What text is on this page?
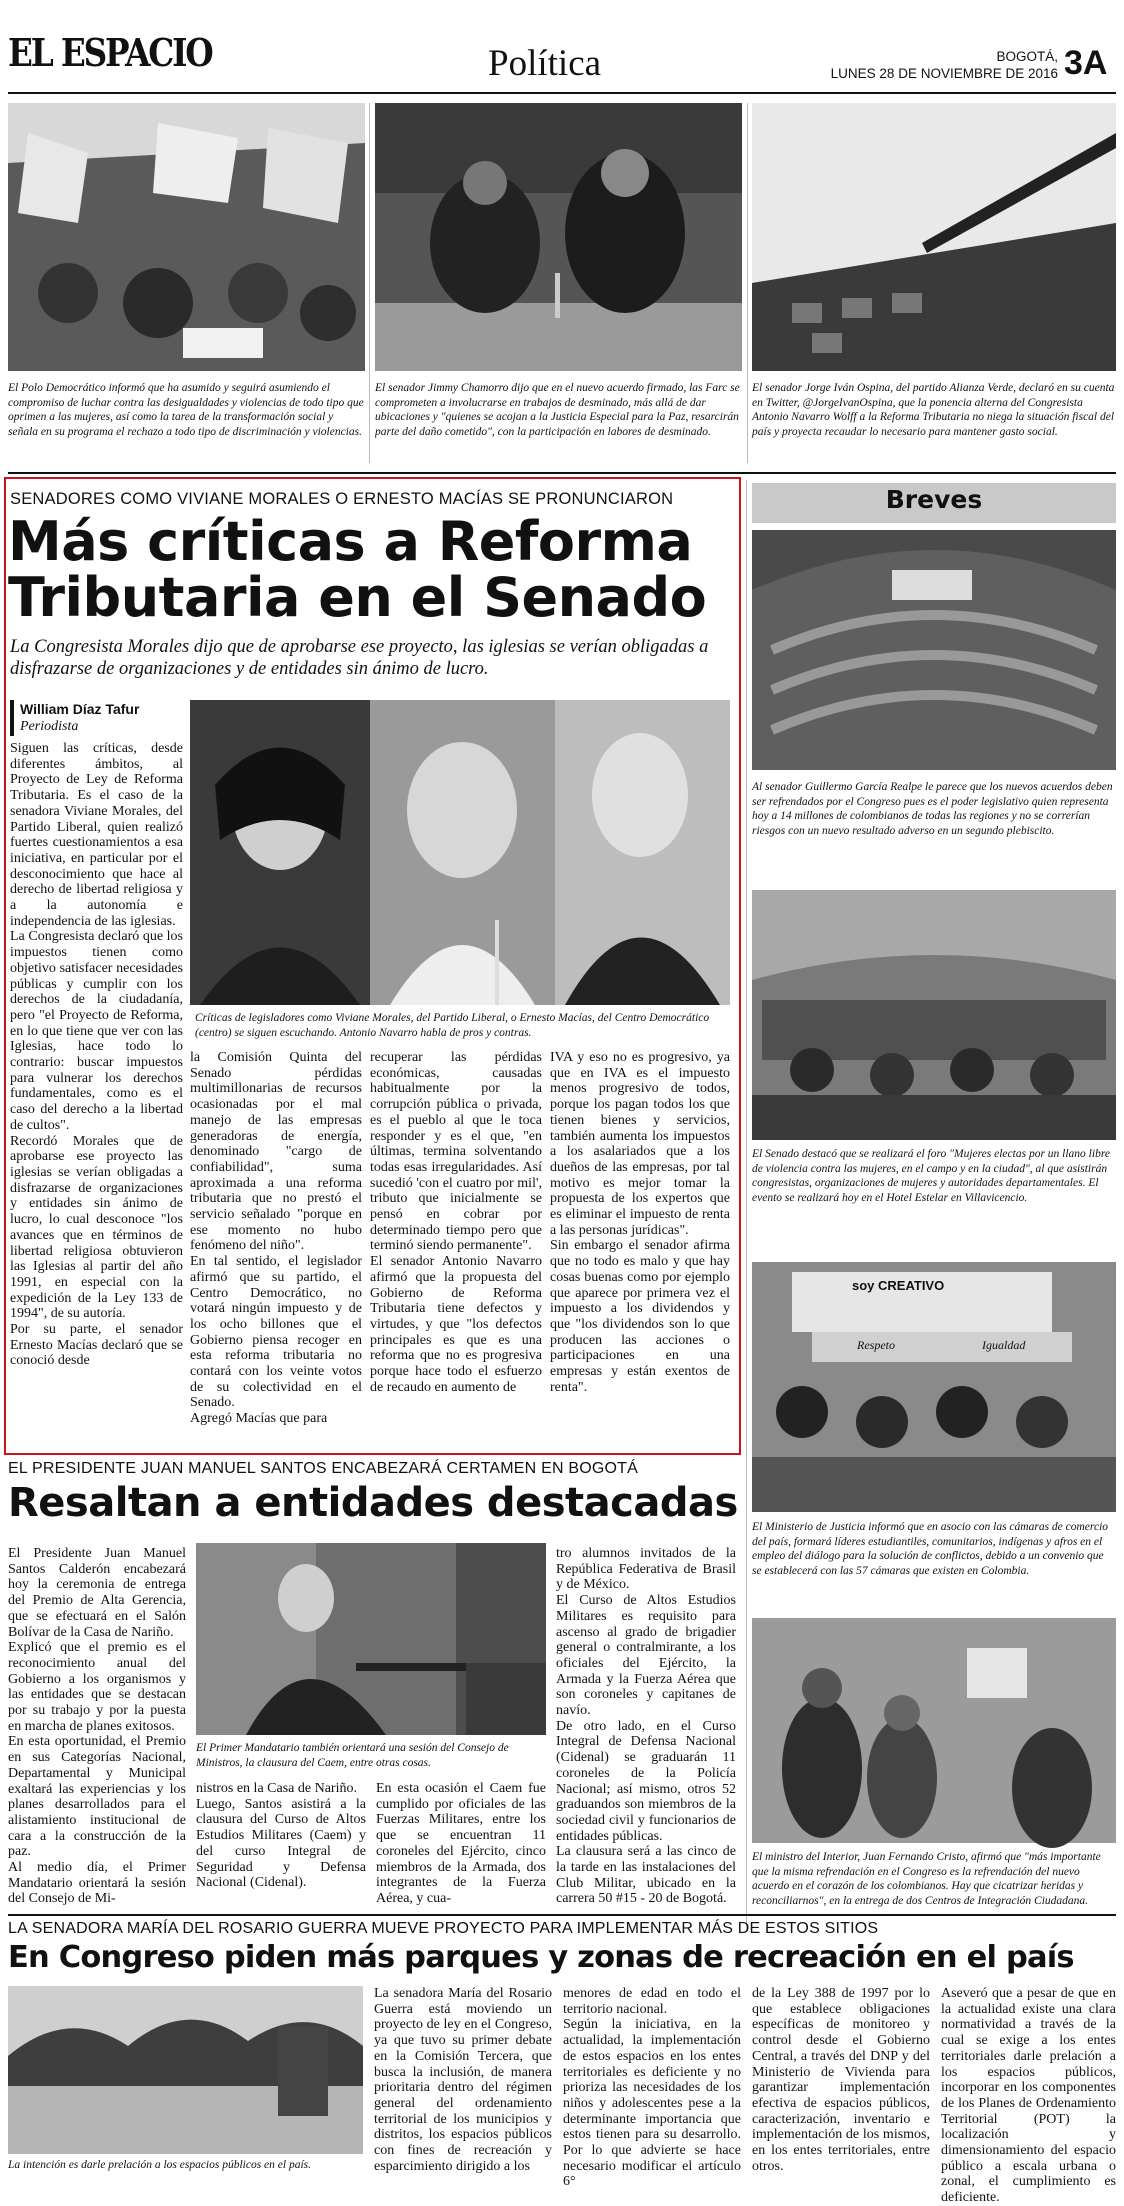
EL ESPACIO	Política	BOGOTÁ,
LUNES 28 DE NOVIEMBRE DE 2016 3A
El Polo Democrático informó que ha asumido y seguirá asumiendo el compromiso de luchar contra las desigualdades y violencias de todo tipo que oprimen a las mujeres, así como la tarea de la transformación social y señala en su programa el rechazo a todo tipo de discriminación y violencias.
El senador Jimmy Chamorro dijo que en el nuevo acuerdo firmado, las Farc se comprometen a involucrarse en trabajos de desminado, más allá de dar ubicaciones y "quienes se acojan a la Justicia Especial para la Paz, resarcirán parte del daño cometido", con la participación en labores de desminado.
El senador Jorge Iván Ospina, del partido Alianza Verde, declaró en su cuenta en Twitter, @JorgeIvanOspina, que la ponencia alterna del Congresista Antonio Navarro Wolff a la Reforma Tributaria no niega la situación fiscal del país y proyecta recaudar lo necesario para mantener gasto social.
SENADORES COMO VIVIANE MORALES O ERNESTO MACÍAS SE PRONUNCIARON
Más críticas a Reforma
Tributaria en el Senado
La Congresista Morales dijo que de aprobarse ese proyecto, las iglesias se verían obligadas a disfrazarse de organizaciones y de entidades sin ánimo de lucro.
William Díaz Tafur
Periodista
Críticas de legisladores como Viviane Morales, del Partido Liberal, o Ernesto Macías, del Centro Democrático (centro) se siguen escuchando. Antonio Navarro habla de pros y contras.
Siguen las críticas, desde diferentes ámbitos, al Proyecto de Ley de Reforma Tributaria. Es el caso de la senadora Viviane Morales, del Partido Liberal, quien realizó fuertes cuestionamientos a esa iniciativa, en particular por el desconocimiento que hace al derecho de libertad religiosa y a la autonomía e independencia de las iglesias.
La Congresista declaró que los impuestos tienen como objetivo satisfacer necesidades públicas y cumplir con los derechos de la ciudadanía, pero "el Proyecto de Reforma, en lo que tiene que ver con las Iglesias, hace todo lo contrario: buscar impuestos para vulnerar los derechos fundamentales, como es el caso del derecho a la libertad de cultos".
Recordó Morales que de aprobarse ese proyecto las iglesias se verían obligadas a disfrazarse de organizaciones y entidades sin ánimo de lucro, lo cual desconoce "los avances que en términos de libertad religiosa obtuvieron las Iglesias al partir del año 1991, en especial con la expedición de la Ley 133 de 1994", de su autoría.
Por su parte, el senador Ernesto Macías declaró que se conoció desde
la Comisión Quinta del Senado pérdidas multimillonarias de recursos ocasionadas por el mal manejo de las empresas generadoras de energía, denominado "cargo de confiabilidad", suma aproximada a una reforma tributaria que no prestó el servicio señalado "porque en ese momento no hubo fenómeno del niño".
En tal sentido, el legislador afirmó que su partido, el Centro Democrático, no votará ningún impuesto y de los ocho billones que el Gobierno piensa recoger en esta reforma tributaria no contará con los veinte votos de su colectividad en el Senado.
Agregó Macías que para
recuperar las pérdidas económicas, causadas habitualmente por la corrupción pública o privada, es el pueblo al que le toca responder y es el que, "en últimas, termina solventando todas esas irregularidades. Así sucedió 'con el cuatro por mil', tributo que inicialmente se pensó en cobrar por determinado tiempo pero que terminó siendo permanente".
El senador Antonio Navarro afirmó que la propuesta del Gobierno de Reforma Tributaria tiene defectos y virtudes, y que "los defectos principales es que es una reforma que no es progresiva porque hace todo el esfuerzo de recaudo en aumento de
IVA y eso no es progresivo, ya que en IVA es el impuesto menos progresivo de todos, porque los pagan todos los que tienen bienes y servicios, también aumenta los impuestos a los asalariados que a los dueños de las empresas, por tal motivo es mejor tomar la propuesta de los expertos que es eliminar el impuesto de renta a las personas jurídicas".
Sin embargo el senador afirma que no todo es malo y que hay cosas buenas como por ejemplo que aparece por primera vez el impuesto a los dividendos y que "los dividendos son lo que producen las acciones o participaciones en una empresas y están exentos de renta".
Breves
Al senador Guillermo García Realpe le parece que los nuevos acuerdos deben ser refrendados por el Congreso pues es el poder legislativo quien representa hoy a 14 millones de colombianos de todas las regiones y no se correrían riesgos con un nuevo resultado adverso en un segundo plebiscito.
El Senado destacó que se realizará el foro "Mujeres electas por un llano libre de violencia contra las mujeres, en el campo y en la ciudad", al que asistirán congresistas, organizaciones de mujeres y autoridades departamentales. El evento se realizará hoy en el Hotel Estelar en Villavicencio.
soy CREATIVO
Respeto	Igualdad
El Ministerio de Justicia informó que en asocio con las cámaras de comercio del país, formará líderes estudiantiles, comunitarios, indígenas y afros en el empleo del diálogo para la solución de conflictos, debido a un convenio que se establecerá con las 57 cámaras que existen en Colombia.
El ministro del Interior, Juan Fernando Cristo, afirmó que "más importante que la misma refrendación en el Congreso es la refrendación del nuevo acuerdo en el corazón de los colombianos. Hay que cicatrizar heridas y reconciliarnos", en la entrega de dos Centros de Integración Ciudadana.
EL PRESIDENTE JUAN MANUEL SANTOS ENCABEZARÁ CERTAMEN EN BOGOTÁ
Resaltan a entidades destacadas
El Primer Mandatario también orientará una sesión del Consejo de Ministros, la clausura del Caem, entre otras cosas.
El Presidente Juan Manuel Santos Calderón encabezará hoy la ceremonia de entrega del Premio de Alta Gerencia, que se efectuará en el Salón Bolívar de la Casa de Nariño.
Explicó que el premio es el reconocimiento anual del Gobierno a los organismos y las entidades que se destacan por su trabajo y por la puesta en marcha de planes exitosos.
En esta oportunidad, el Premio en sus Categorías Nacional, Departamental y Municipal exaltará las experiencias y los planes desarrollados para el alistamiento institucional de cara a la construcción de la paz.
Al medio día, el Primer Mandatario orientará la sesión del Consejo de Mi-
nistros en la Casa de Nariño.
Luego, Santos asistirá a la clausura del Curso de Altos Estudios Militares (Caem) y del curso Integral de Seguridad y Defensa Nacional (Cidenal).
En esta ocasión el Caem fue cumplido por oficiales de las Fuerzas Militares, entre los que se encuentran 11 coroneles del Ejército, cinco miembros de la Armada, dos integrantes de la Fuerza Aérea, y cua-
tro alumnos invitados de la República Federativa de Brasil y de México.
El Curso de Altos Estudios Militares es requisito para ascenso al grado de brigadier general o contralmirante, a los oficiales del Ejército, la Armada y la Fuerza Aérea que son coroneles y capitanes de navío.
De otro lado, en el Curso Integral de Defensa Nacional (Cidenal) se graduarán 11 coroneles de la Policía Nacional; así mismo, otros 52 graduandos son miembros de la sociedad civil y funcionarios de entidades públicas.
La clausura será a las cinco de la tarde en las instalaciones del Club Militar, ubicado en la carrera 50 #15 - 20 de Bogotá.
LA SENADORA MARÍA DEL ROSARIO GUERRA MUEVE PROYECTO PARA IMPLEMENTAR MÁS DE ESTOS SITIOS
En Congreso piden más parques y zonas de recreación en el país
La intención es darle prelación a los espacios públicos en el país.
La senadora María del Rosario Guerra está moviendo un proyecto de ley en el Congreso, ya que tuvo su primer debate en la Comisión Tercera, que busca la inclusión, de manera prioritaria dentro del régimen general del ordenamiento territorial de los municipios y distritos, los espacios públicos con fines de recreación y esparcimiento dirigido a los
menores de edad en todo el territorio nacional.
Según la iniciativa, en la actualidad, la implementación de estos espacios en los entes territoriales es deficiente y no prioriza las necesidades de los niños y adolescentes pese a la determinante importancia que estos tienen para su desarrollo. Por lo que advierte se hace necesario modificar el artículo 6°
de la Ley 388 de 1997 por lo que establece obligaciones específicas de monitoreo y control desde el Gobierno Central, a través del DNP y del Ministerio de Vivienda para garantizar implementación efectiva de espacios públicos, caracterización, inventario e implementación de los mismos, en los entes territoriales, entre otros.
Aseveró que a pesar de que en la actualidad existe una clara normatividad a través de la cual se exige a los entes territoriales darle prelación a los espacios públicos, incorporar en los componentes de los Planes de Ordenamiento Territorial (POT) la localización y dimensionamiento del espacio público a escala urbana o zonal, el cumplimiento es deficiente.
